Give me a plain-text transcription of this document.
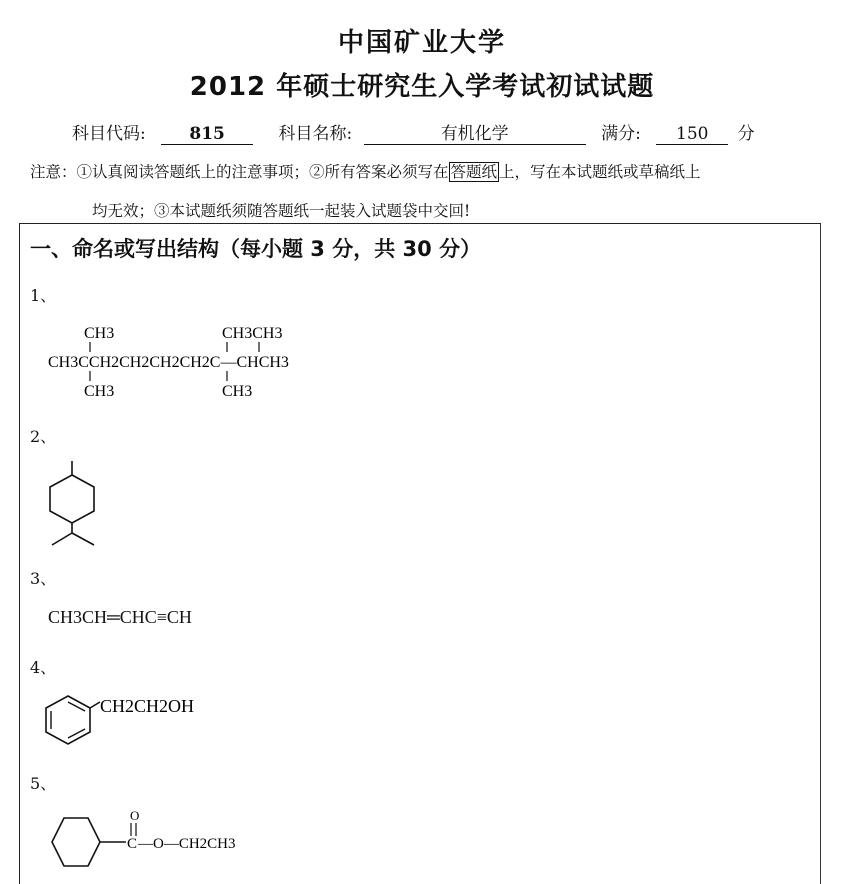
中国矿业大学
2012 年硕士研究生入学考试初试试题
科目代码:	815	科目名称:	有机化学	满分: 150 分
注意：①认真阅读答题纸上的注意事项；②所有答案必须写在 答题纸 上，写在本试题纸或草稿纸上
均无效；③本试题纸须随答题纸一起装入试题袋中交回!
一、命名或写出结构（每小题 3 分，共 30 分）
1、
CH3	CH3CH3
CH3CCH2CH2CH2CH2C—CHCH3
CH3	CH3
2、
3、
CH3CH═CHC≡CH
4、
CH2CH2OH
5、
O
C —O—CH2CH3
